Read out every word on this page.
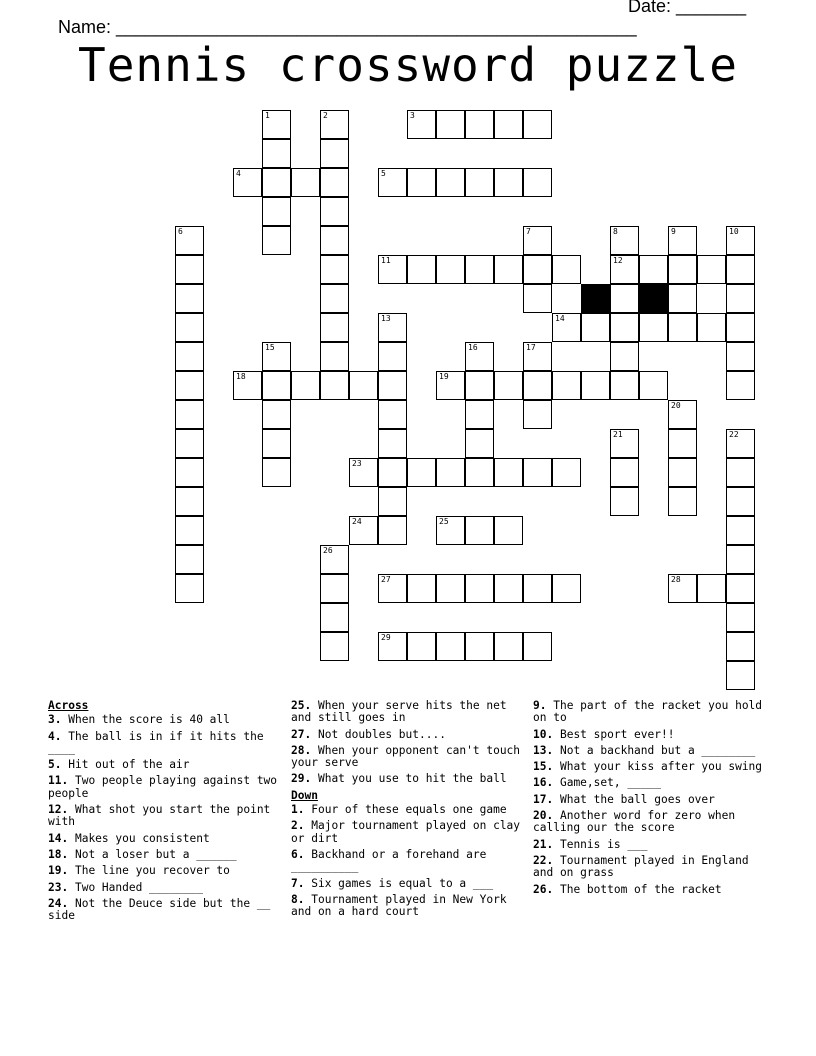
Name: ____________________________________________________

Date: _______

Tennis crossword puzzle
1	2	3
4	5
6	7	8	9	10
11	12
13	14
15	16	17
18	19
20
21	22
23
24	25
26
27	28
29
Across
3. When the score is 40 all
4. The ball is in if it hits the ____
5. Hit out of the air
11. Two people playing against two people
12. What shot you start the point with
14. Makes you consistent
18. Not a loser but a ______
19. The line you recover to
23. Two Handed ________
24. Not the Deuce side but the __ side
25. When your serve hits the net and still goes in
27. Not doubles but....
28. When your opponent can't touch your serve
29. What you use to hit the ball
Down
1. Four of these equals one game
2. Major tournament played on clay or dirt
6. Backhand or a forehand are __________
7. Six games is equal to a ___
8. Tournament played in New York and on a hard court
9. The part of the racket you hold on to
10. Best sport ever!!
13. Not a backhand but a ________
15. What your kiss after you swing
16. Game,set, _____
17. What the ball goes over
20. Another word for zero when calling our the score
21. Tennis is ___
22. Tournament played in England and on grass
26. The bottom of the racket
